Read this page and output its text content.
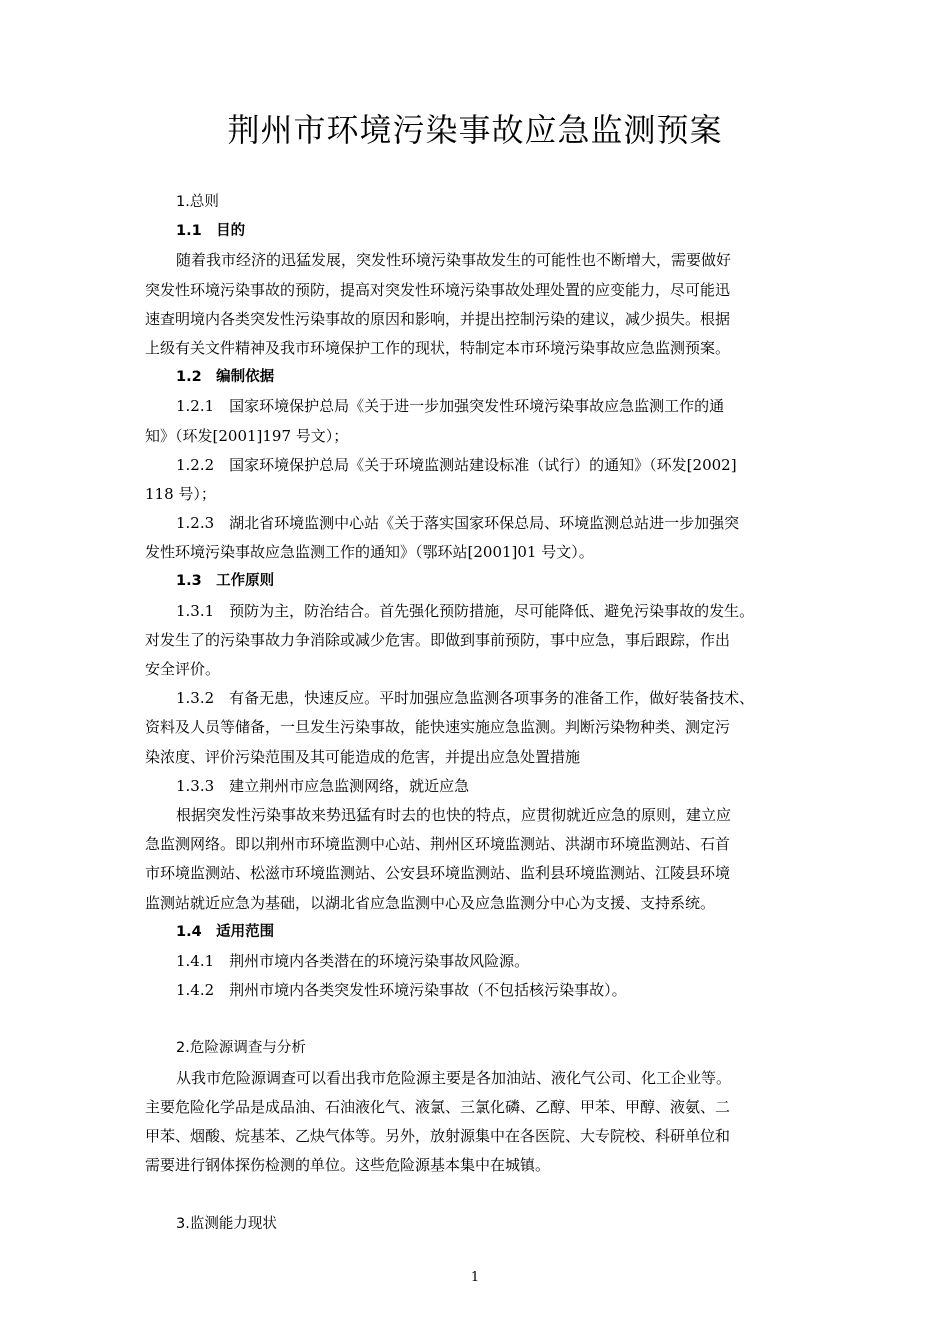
荆州市环境污染事故应急监测预案
1.总则
1.1　目的
随着我市经济的迅猛发展，突发性环境污染事故发生的可能性也不断增大，需要做好
突发性环境污染事故的预防，提高对突发性环境污染事故处理处置的应变能力，尽可能迅
速查明境内各类突发性污染事故的原因和影响，并提出控制污染的建议，减少损失。根据
上级有关文件精神及我市环境保护工作的现状，特制定本市环境污染事故应急监测预案。
1.2　编制依据
1.2.1　国家环境保护总局《关于进一步加强突发性环境污染事故应急监测工作的通
知》（环发[2001]197 号文）；
1.2.2　国家环境保护总局《关于环境监测站建设标准（试行）的通知》（环发[2002]
118 号）；
1.2.3　湖北省环境监测中心站《关于落实国家环保总局、环境监测总站进一步加强突
发性环境污染事故应急监测工作的通知》（鄂环站[2001]01 号文）。
1.3　工作原则
1.3.1　预防为主，防治结合。首先强化预防措施，尽可能降低、避免污染事故的发生。
对发生了的污染事故力争消除或减少危害。即做到事前预防，事中应急，事后跟踪，作出
安全评价。
1.3.2　有备无患，快速反应。平时加强应急监测各项事务的准备工作，做好装备技术、
资料及人员等储备，一旦发生污染事故，能快速实施应急监测。判断污染物种类、测定污
染浓度、评价污染范围及其可能造成的危害，并提出应急处置措施
1.3.3　建立荆州市应急监测网络，就近应急
根据突发性污染事故来势迅猛有时去的也快的特点，应贯彻就近应急的原则，建立应
急监测网络。即以荆州市环境监测中心站、荆州区环境监测站、洪湖市环境监测站、石首
市环境监测站、松滋市环境监测站、公安县环境监测站、监利县环境监测站、江陵县环境
监测站就近应急为基础，以湖北省应急监测中心及应急监测分中心为支援、支持系统。
1.4　适用范围
1.4.1　荆州市境内各类潜在的环境污染事故风险源。
1.4.2　荆州市境内各类突发性环境污染事故（不包括核污染事故）。
2.危险源调查与分析
从我市危险源调查可以看出我市危险源主要是各加油站、液化气公司、化工企业等。
主要危险化学品是成品油、石油液化气、液氯、三氯化磷、乙醇、甲苯、甲醇、液氨、二
甲苯、烟酸、烷基苯、乙炔气体等。另外，放射源集中在各医院、大专院校、科研单位和
需要进行钢体探伤检测的单位。这些危险源基本集中在城镇。
3.监测能力现状
1
